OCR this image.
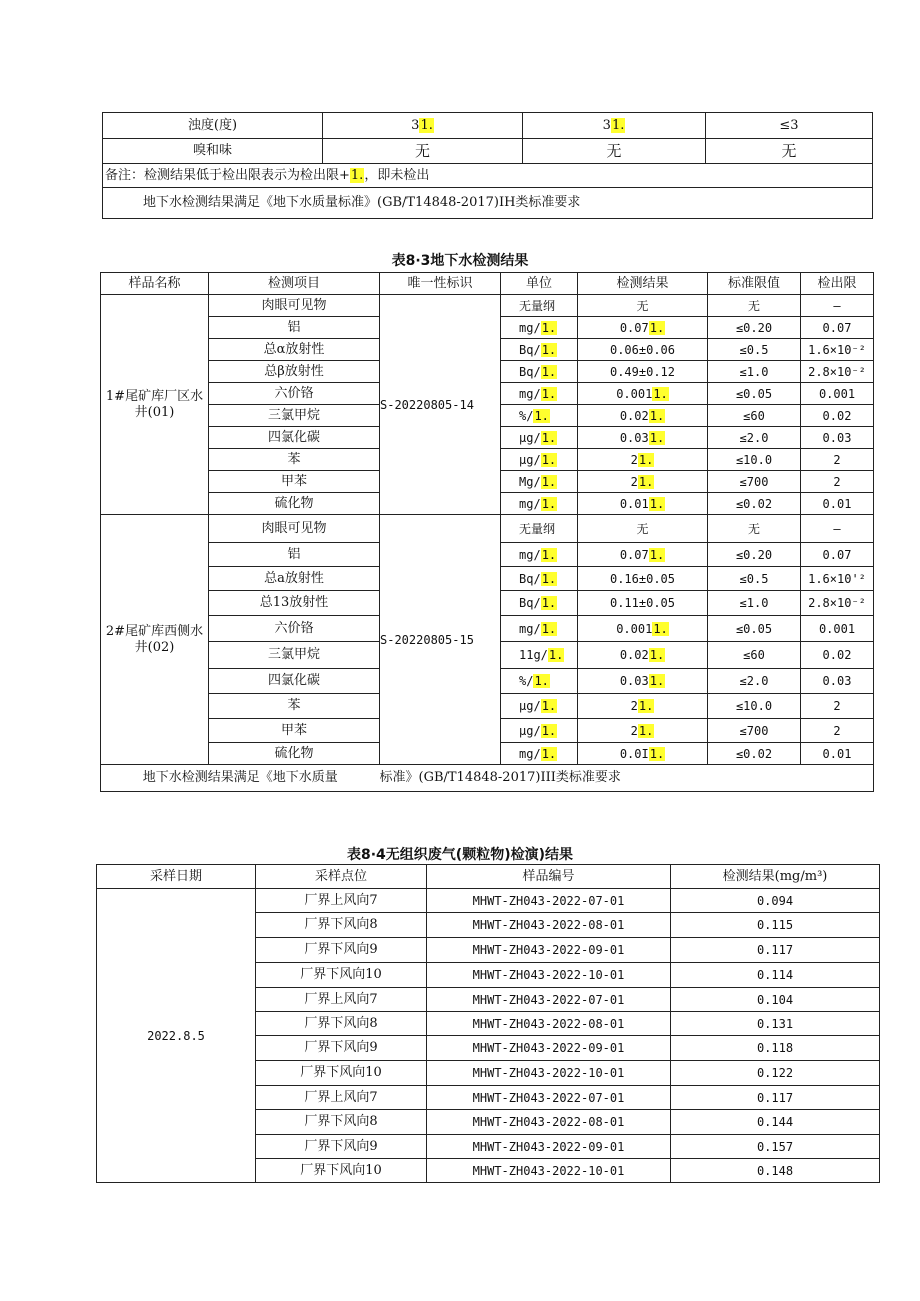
浊度(度)	31.	31.	≤3
嗅和味	无	无	无
备注：检测结果低于检出限表示为检出限+1.，即未检出			
地下水检测结果满足《地下水质量标准》(GB/T14848-2017)IH类标准要求			
表8·3地下水检测结果
样品名称	检测项目	唯一性标识	单位	检测结果	标准限值	检出限
1#尾矿库厂区水井(01)	肉眼可见物	S-20220805-14	无量纲	无	无	—
	铝		mg/1.	0.071.	≤0.20	0.07
	总α放射性		Bq/1.	0.06±0.06	≤0.5	1.6×10⁻²
	总β放射性		Bq/1.	0.49±0.12	≤1.0	2.8×10⁻²
	六价铬		mg/1.	0.0011.	≤0.05	0.001
	三氯甲烷		%/1.	0.021.	≤60	0.02
	四氯化碳		μg/1.	0.031.	≤2.0	0.03
	苯		μg/1.	21.	≤10.0	2
	甲苯		Mg/1.	21.	≤700	2
	硫化物		mg/1.	0.011.	≤0.02	0.01
2#尾矿库西侧水井(02)	肉眼可见物	S-20220805-15	无量纲	无	无	—
	铝		mg/1.	0.071.	≤0.20	0.07
	总a放射性		Bq/1.	0.16±0.05	≤0.5	1.6×10'²
	总13放射性		Bq/1.	0.11±0.05	≤1.0	2.8×10⁻²
	六价铬		mg/1.	0.0011.	≤0.05	0.001
	三氯甲烷		11g/1.	0.021.	≤60	0.02
	四氯化碳		%/1.	0.031.	≤2.0	0.03
	苯		μg/1.	21.	≤10.0	2
	甲苯		μg/1.	21.	≤700	2
	硫化物		mg/1.	0.0I1.	≤0.02	0.01
地下水检测结果满足《地下水质量		标准》(GB/T14848-2017)III类标准要求				
表8·4无组织废气(颗粒物)检演)结果
采样日期	采样点位	样品编号	检测结果(mg/m³)
2022.8.5	厂界上风向7	MHWT-ZH043-2022-07-01	0.094
	厂界下风向8	MHWT-ZH043-2022-08-01	0.115
	厂界下风向9	MHWT-ZH043-2022-09-01	0.117
	厂界下风向10	MHWT-ZH043-2022-10-01	0.114
	厂界上风向7	MHWT-ZH043-2022-07-01	0.104
	厂界下风向8	MHWT-ZH043-2022-08-01	0.131
	厂界下风向9	MHWT-ZH043-2022-09-01	0.118
	厂界下风向10	MHWT-ZH043-2022-10-01	0.122
	厂界上风向7	MHWT-ZH043-2022-07-01	0.117
	厂界下风向8	MHWT-ZH043-2022-08-01	0.144
	厂界下风向9	MHWT-ZH043-2022-09-01	0.157
	厂界下风向10	MHWT-ZH043-2022-10-01	0.148
